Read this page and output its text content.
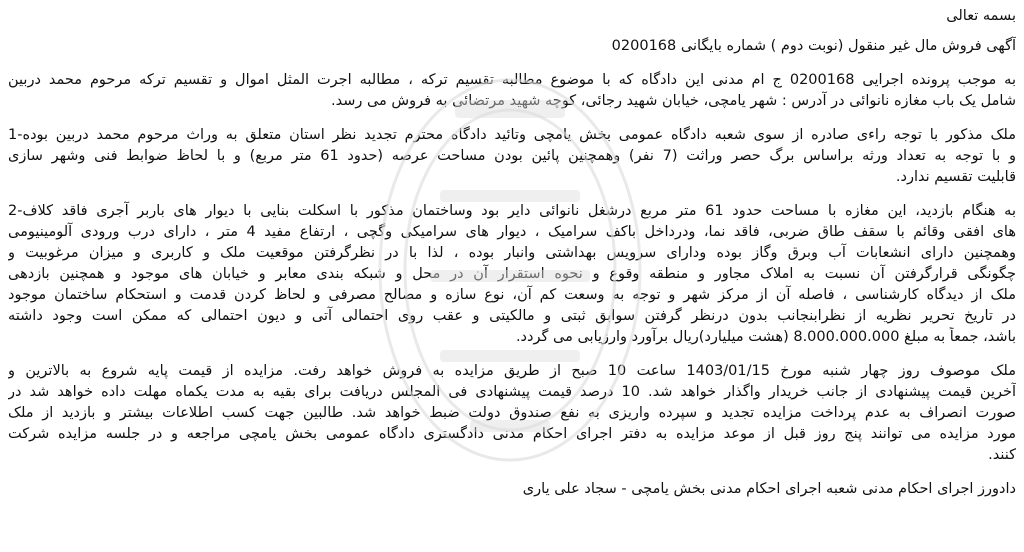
بسمه تعالی
آگهی فروش مال غیر منقول (نوبت دوم ) شماره بایگانی 0200168
به موجب پرونده اجرایی 0200168 ج ام مدنی این دادگاه که با موضوع مطالبه تقسیم ترکه ، مطالبه اجرت المثل اموال و تقسیم ترکه مرحوم محمد دربین
شامل یک باب مغازه نانوائی در آدرس : شهر یامچی، خیابان شهید رجائی، کوچه شهید مرتضائی به فروش می رسد.
ملک مذکور با توجه راءی صادره از سوی شعبه دادگاه عمومی بخش یامچی وتائید دادگاه محترم تجدید نظر استان متعلق به وراث مرحوم محمد دربین بوده-1
و با توجه به تعداد ورثه براساس برگ حصر وراثت (7 نفر) وهمچنین پائین بودن مساحت عرصه (حدود 61 متر مربع) و با لحاظ ضوابط فنی وشهر سازی
قابلیت تقسیم ندارد.
به هنگام بازدید، این مغازه با مساحت حدود 61 متر مربع درشغل نانوائی دایر بود وساختمان مذکور با اسکلت بنایی با دیوار های باربر آجری فاقد کلاف-2
های افقی وقائم با سقف طاق ضربی، فاقد نما، ودرداخل باکف سرامیک ، دیوار های سرامیکی وگچی ، ارتفاع مفید 4 متر ، دارای درب ورودی آلومینیومی
وهمچنین دارای انشعابات آب وبرق وگاز بوده ودارای سرویس بهداشتی وانبار بوده ، لذا با در نظرگرفتن موقعیت ملک و کاربری و میزان مرغوبیت و
چگونگی قرارگرفتن آن نسبت به املاک مجاور و منطقه وقوع و نحوه استقرار آن در محل و شبکه بندی معابر و خیابان های موجود و همچنین بازدهی
ملک از دیدگاه کارشناسی ، فاصله آن از مرکز شهر و توجه به وسعت کم آن، نوع سازه و مصالح مصرفی و لحاظ کردن قدمت و استحکام ساختمان موجود
در تاریخ تحریر نظریه از نظرابنجانب بدون درنظر گرفتن سوابق ثبتی و مالکیتی و عقب روی احتمالی آتی و دیون احتمالی که ممکن است وجود داشته
باشد، جمعاً به مبلغ 8.000.000.000 (هشت میلیارد)ریال برآورد وارزیابی می گردد.
ملک موصوف روز چهار شنبه مورخ 1403/01/15 ساعت 10 صبح از طریق مزایده به فروش خواهد رفت. مزایده از قیمت پایه شروع به بالاترین و
آخرین قیمت پیشنهادی از جانب خریدار واگذار خواهد شد. 10 درصد قیمت پیشنهادی فی المجلس دریافت برای بقیه به مدت یکماه مهلت داده خواهد شد در
صورت انصراف به عدم پرداخت مزایده تجدید و سپرده واریزی به نفع صندوق دولت ضبط خواهد شد. طالبین جهت کسب اطلاعات بیشتر و بازدید از ملک
مورد مزایده می توانند پنج روز قبل از موعد مزایده به دفتر اجرای احکام مدنی دادگستری دادگاه عمومی بخش یامچی مراجعه و در جلسه مزایده شرکت
کنند.
دادورز اجرای احکام مدنی شعبه اجرای احکام مدنی بخش یامچی - سجاد علی یاری
